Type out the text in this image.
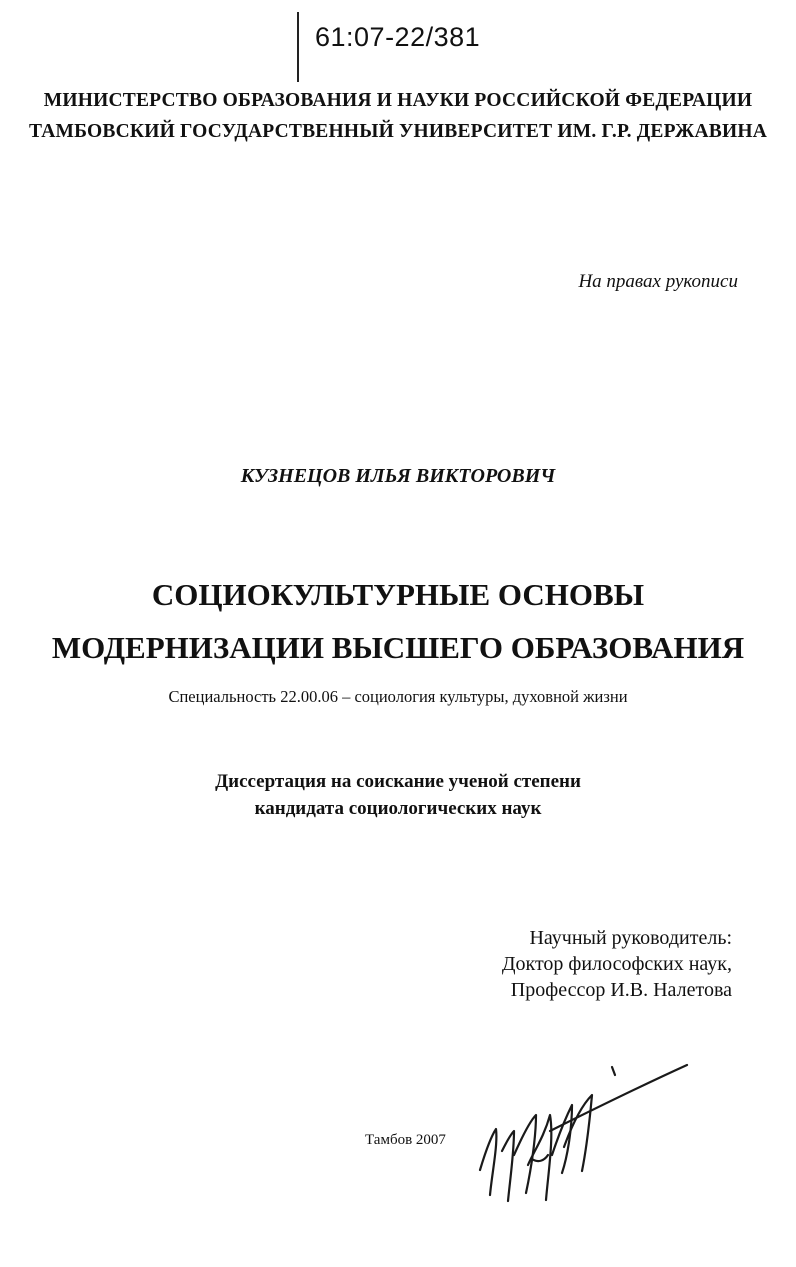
61:07-22/381
МИНИСТЕРСТВО ОБРАЗОВАНИЯ И НАУКИ РОССИЙСКОЙ ФЕДЕРАЦИИ
ТАМБОВСКИЙ ГОСУДАРСТВЕННЫЙ УНИВЕРСИТЕТ ИМ. Г.Р. ДЕРЖАВИНА
На правах рукописи
КУЗНЕЦОВ ИЛЬЯ ВИКТОРОВИЧ
СОЦИОКУЛЬТУРНЫЕ ОСНОВЫ
МОДЕРНИЗАЦИИ ВЫСШЕГО ОБРАЗОВАНИЯ
Специальность 22.00.06 – социология культуры, духовной жизни
Диссертация на соискание ученой степени
кандидата социологических наук
Научный руководитель:
Доктор философских наук,
Профессор И.В. Налетова
Тамбов 2007
